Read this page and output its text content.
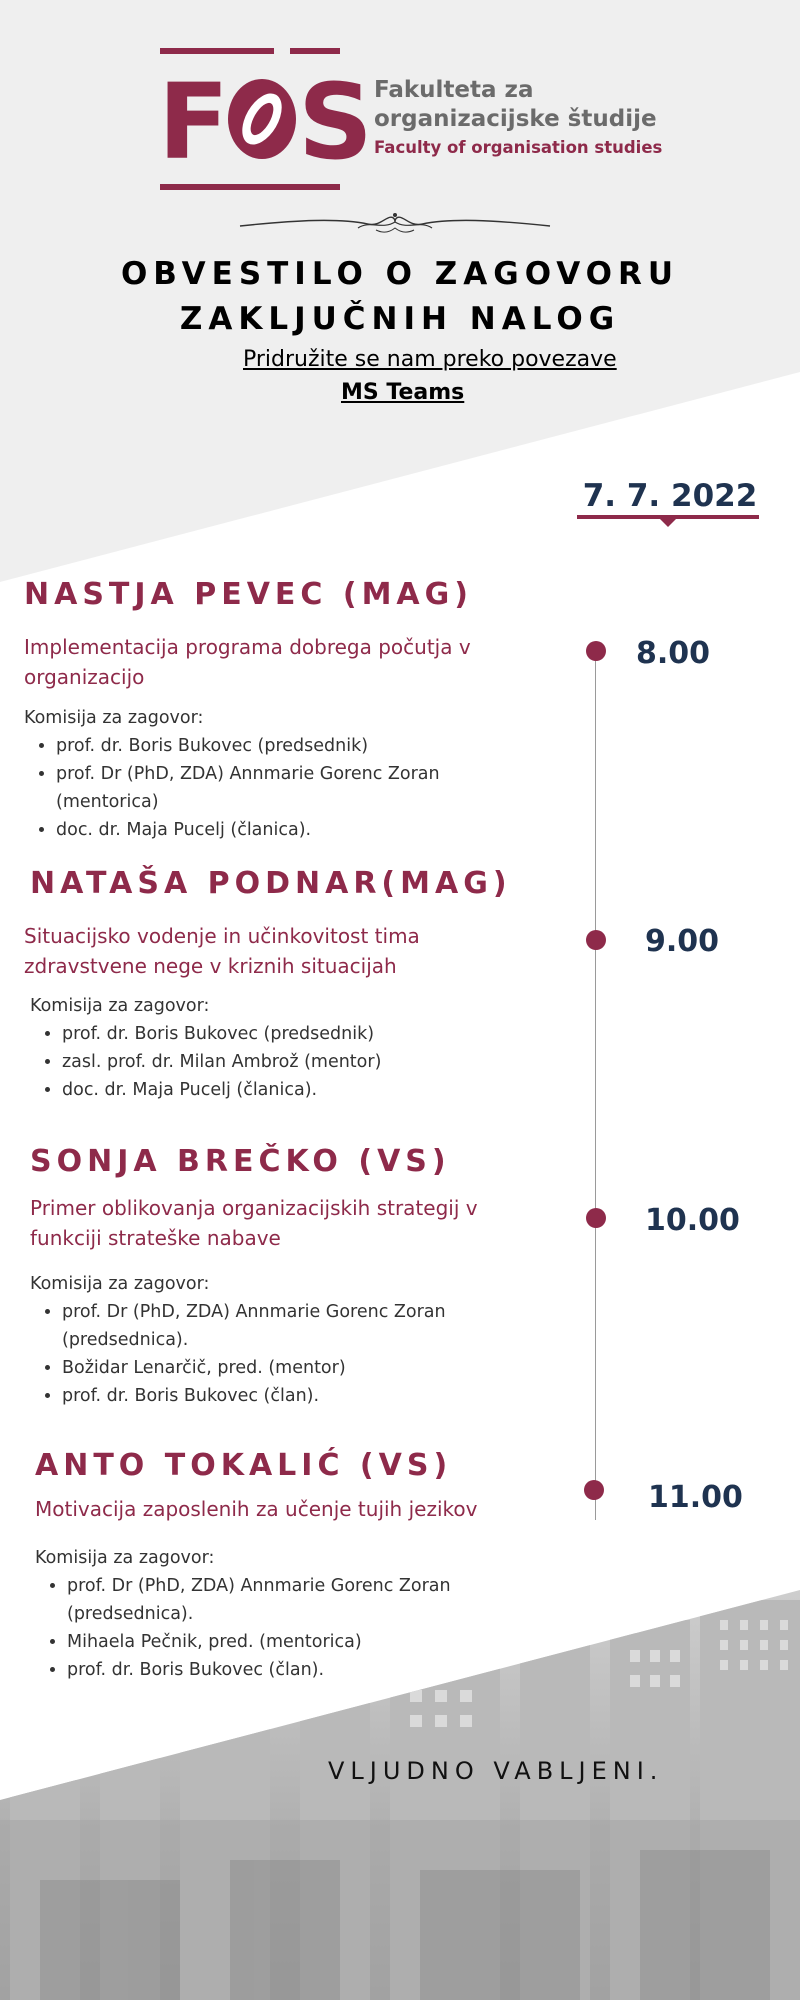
F S Fakulteta za
organizacijske študije
Faculty of organisation studies
OBVESTILO O ZAGOVORU
ZAKLJUČNIH NALOG
Pridružite se nam preko povezave
MS Teams
7. 7. 2022
NASTJA PEVEC (MAG)
Implementacija programa dobrega počutja v organizacijo
8.00
Komisija za zagovor:
• prof. dr. Boris Bukovec (predsednik)
• prof. Dr (PhD, ZDA) Annmarie Gorenc Zoran (mentorica)
• doc. dr. Maja Pucelj (članica).
NATAŠA PODNAR(MAG)
Situacijsko vodenje in učinkovitost tima zdravstvene nege v kriznih situacijah
9.00
Komisija za zagovor:
• prof. dr. Boris Bukovec (predsednik)
• zasl. prof. dr. Milan Ambrož (mentor)
• doc. dr. Maja Pucelj (članica).
SONJA BREČKO (VS)
Primer oblikovanja organizacijskih strategij v funkciji strateške nabave	10.00
Komisija za zagovor:
• prof. Dr (PhD, ZDA) Annmarie Gorenc Zoran (predsednica).
• Božidar Lenarčič, pred. (mentor)
• prof. dr. Boris Bukovec (član).
ANTO TOKALIĆ (VS)
Motivacija zaposlenih za učenje tujih jezikov	11.00
Komisija za zagovor:
• prof. Dr (PhD, ZDA) Annmarie Gorenc Zoran (predsednica).
• Mihaela Pečnik, pred. (mentorica)
• prof. dr. Boris Bukovec (član).
VLJUDNO VABLJENI.
